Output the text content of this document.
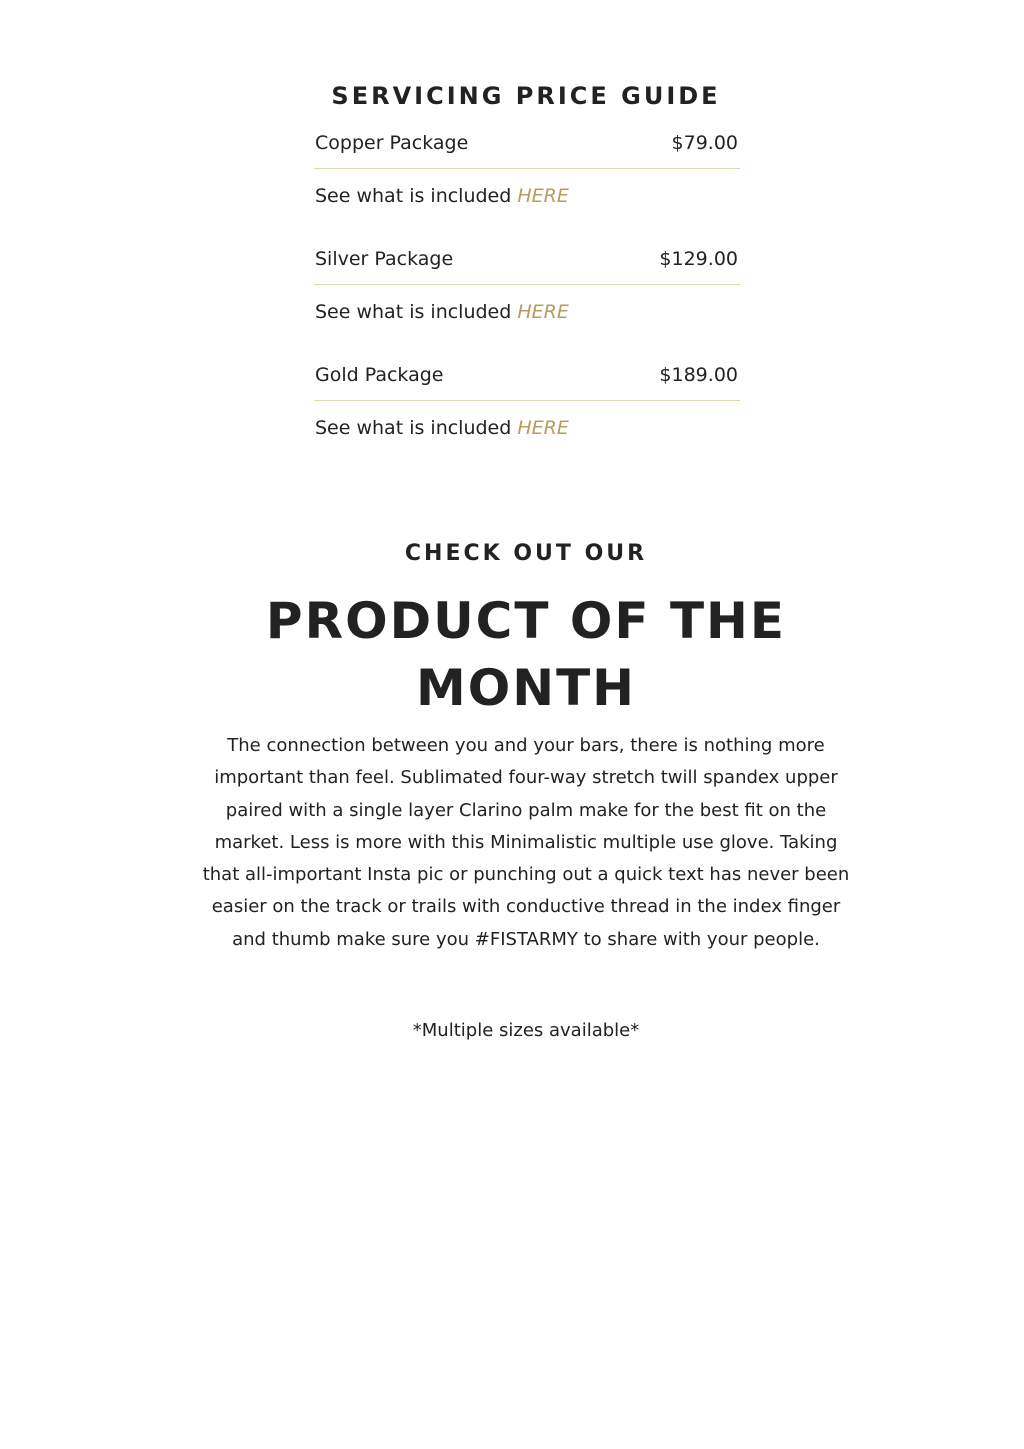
SERVICING PRICE GUIDE
Copper Package	$79.00
See what is included HERE
Silver Package	$129.00
See what is included HERE
Gold Package	$189.00
See what is included HERE
CHECK OUT OUR
PRODUCT OF THE MONTH

The connection between you and your bars, there is nothing more important than feel. Sublimated four-way stretch twill spandex upper paired with a single layer Clarino palm make for the best fit on the market. Less is more with this Minimalistic multiple use glove. Taking that all-important Insta pic or punching out a quick text has never been easier on the track or trails with conductive thread in the index finger and thumb make sure you #FISTARMY to share with your people.

*Multiple sizes available*
